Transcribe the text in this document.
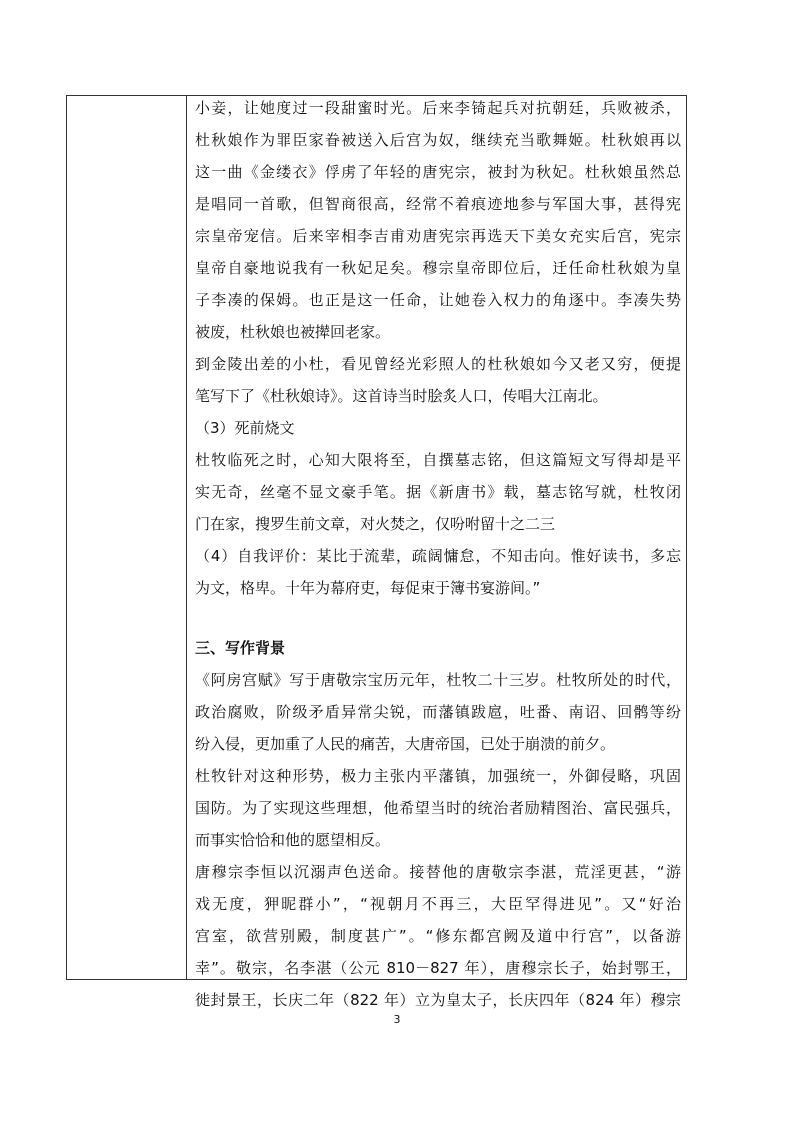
小妾，让她度过一段甜蜜时光。后来李锜起兵对抗朝廷，兵败被杀，
杜秋娘作为罪臣家眷被送入后宫为奴，继续充当歌舞姬。杜秋娘再以
这一曲《金缕衣》俘虏了年轻的唐宪宗，被封为秋妃。杜秋娘虽然总
是唱同一首歌，但智商很高，经常不着痕迹地参与军国大事，甚得宪
宗皇帝宠信。后来宰相李吉甫劝唐宪宗再选天下美女充实后宫，宪宗
皇帝自豪地说我有一秋妃足矣。穆宗皇帝即位后，迁任命杜秋娘为皇
子李凑的保姆。也正是这一任命，让她卷入权力的角逐中。李凑失势
被废，杜秋娘也被撵回老家。
到金陵出差的小杜，看见曾经光彩照人的杜秋娘如今又老又穷，便提
笔写下了《杜秋娘诗》。这首诗当时脍炙人口，传唱大江南北。
（3）死前烧文
杜牧临死之时，心知大限将至，自撰墓志铭，但这篇短文写得却是平
实无奇，丝毫不显文豪手笔。据《新唐书》载，墓志铭写就，杜牧闭
门在家，搜罗生前文章，对火焚之，仅吩咐留十之二三
（4）自我评价：某比于流辈，疏阔慵怠，不知击向。惟好读书，多忘
为文，格卑。十年为幕府吏，每促束于簿书宴游间。”
三、写作背景
《阿房宫赋》写于唐敬宗宝历元年，杜牧二十三岁。杜牧所处的时代，
政治腐败，阶级矛盾异常尖锐，而藩镇跋扈，吐番、南诏、回鹘等纷
纷入侵，更加重了人民的痛苦，大唐帝国，已处于崩溃的前夕。
杜牧针对这种形势，极力主张内平藩镇，加强统一，外御侵略，巩固
国防。为了实现这些理想，他希望当时的统治者励精图治、富民强兵，
而事实恰恰和他的愿望相反。
唐穆宗李恒以沉溺声色送命。接替他的唐敬宗李湛，荒淫更甚，“游
戏无度，狎昵群小”，“视朝月不再三，大臣罕得进见”。又“好治
宫室，欲营别殿，制度甚广”。“修东都宫阙及道中行宫”，以备游
幸”。敬宗，名李湛（公元 810－827 年），唐穆宗长子，始封鄂王，
徙封景王，长庆二年（822 年）立为皇太子，长庆四年（824 年）穆宗
3
